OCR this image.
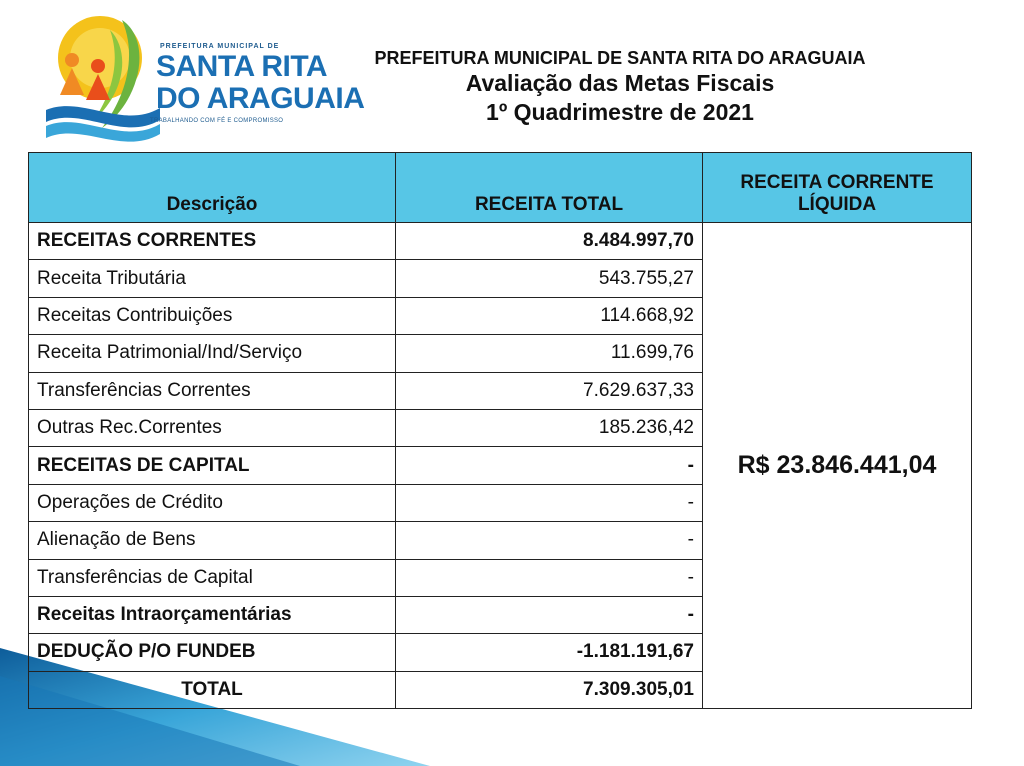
PREFEITURA MUNICIPAL DE
SANTA RITA
DO ARAGUAIA
TRABALHANDO COM FÉ E COMPROMISSO
PREFEITURA MUNICIPAL DE SANTA RITA DO ARAGUAIA
Avaliação das Metas Fiscais
1º Quadrimestre de 2021
Descrição	RECEITA TOTAL	RECEITA CORRENTE LÍQUIDA
RECEITAS CORRENTES	8.484.997,70	R$ 23.846.441,04
Receita Tributária	543.755,27	
Receitas Contribuições	114.668,92	
Receita Patrimonial/Ind/Serviço	11.699,76	
Transferências Correntes	7.629.637,33	
Outras Rec.Correntes	185.236,42	
RECEITAS DE CAPITAL	-	
Operações de Crédito	-	
Alienação de Bens	-	
Transferências de Capital	-	
Receitas Intraorçamentárias	-	
DEDUÇÃO P/O FUNDEB	-1.181.191,67	
TOTAL	7.309.305,01	
